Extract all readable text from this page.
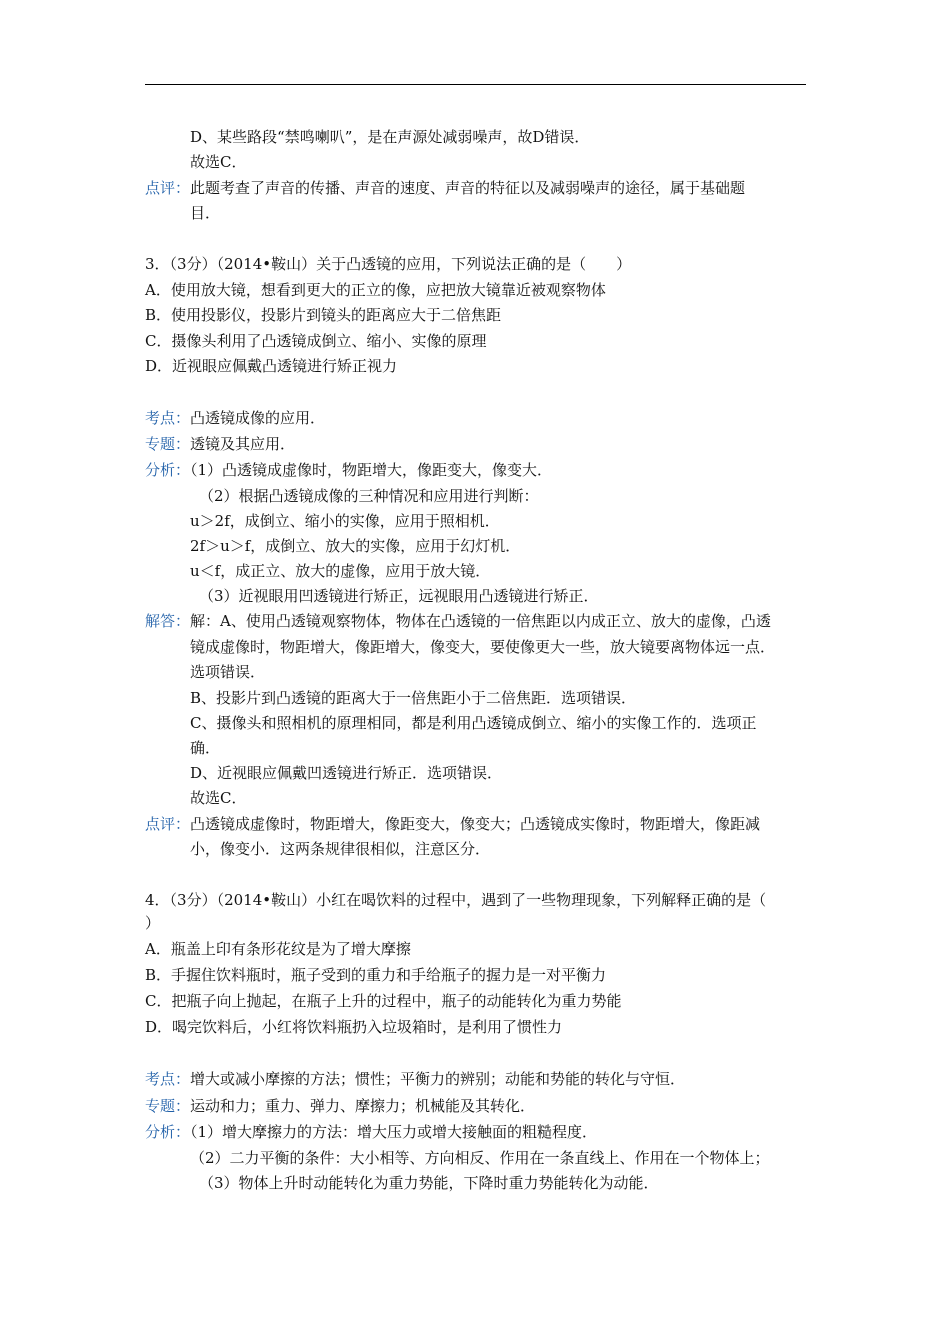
D、某些路段“禁鸣喇叭”，是在声源处减弱噪声，故D错误．
故选C．
点评：此题考查了声音的传播、声音的速度、声音的特征以及减弱噪声的途径，属于基础题
目．
3．（3分）（2014•鞍山）关于凸透镜的应用，下列说法正确的是（　　）
A．使用放大镜，想看到更大的正立的像，应把放大镜靠近被观察物体
B．使用投影仪，投影片到镜头的距离应大于二倍焦距
C．摄像头利用了凸透镜成倒立、缩小、实像的原理
D．近视眼应佩戴凸透镜进行矫正视力
考点：凸透镜成像的应用．
专题：透镜及其应用．
分析：（1）凸透镜成虚像时，物距增大，像距变大，像变大．
（2）根据凸透镜成像的三种情况和应用进行判断：
u＞2f，成倒立、缩小的实像，应用于照相机．
2f＞u＞f，成倒立、放大的实像，应用于幻灯机．
u＜f，成正立、放大的虚像，应用于放大镜．
（3）近视眼用凹透镜进行矫正，远视眼用凸透镜进行矫正．
解答：解：A、使用凸透镜观察物体，物体在凸透镜的一倍焦距以内成正立、放大的虚像，凸透
镜成虚像时，物距增大，像距增大，像变大，要使像更大一些，放大镜要离物体远一点．
选项错误．
B、投影片到凸透镜的距离大于一倍焦距小于二倍焦距．选项错误．
C、摄像头和照相机的原理相同，都是利用凸透镜成倒立、缩小的实像工作的．选项正
确．
D、近视眼应佩戴凹透镜进行矫正．选项错误．
故选C．
点评：凸透镜成虚像时，物距增大，像距变大，像变大；凸透镜成实像时，物距增大，像距减
小，像变小．这两条规律很相似，注意区分．
4．（3分）（2014•鞍山）小红在喝饮料的过程中，遇到了一些物理现象，下列解释正确的是（
）
A．瓶盖上印有条形花纹是为了增大摩擦
B．手握住饮料瓶时，瓶子受到的重力和手给瓶子的握力是一对平衡力
C．把瓶子向上抛起，在瓶子上升的过程中，瓶子的动能转化为重力势能
D．喝完饮料后，小红将饮料瓶扔入垃圾箱时，是利用了惯性力
考点：增大或减小摩擦的方法；惯性；平衡力的辨别；动能和势能的转化与守恒．
专题：运动和力；重力、弹力、摩擦力；机械能及其转化．
分析：（1）增大摩擦力的方法：增大压力或增大接触面的粗糙程度．
（2）二力平衡的条件：大小相等、方向相反、作用在一条直线上、作用在一个物体上；
（3）物体上升时动能转化为重力势能，下降时重力势能转化为动能．
